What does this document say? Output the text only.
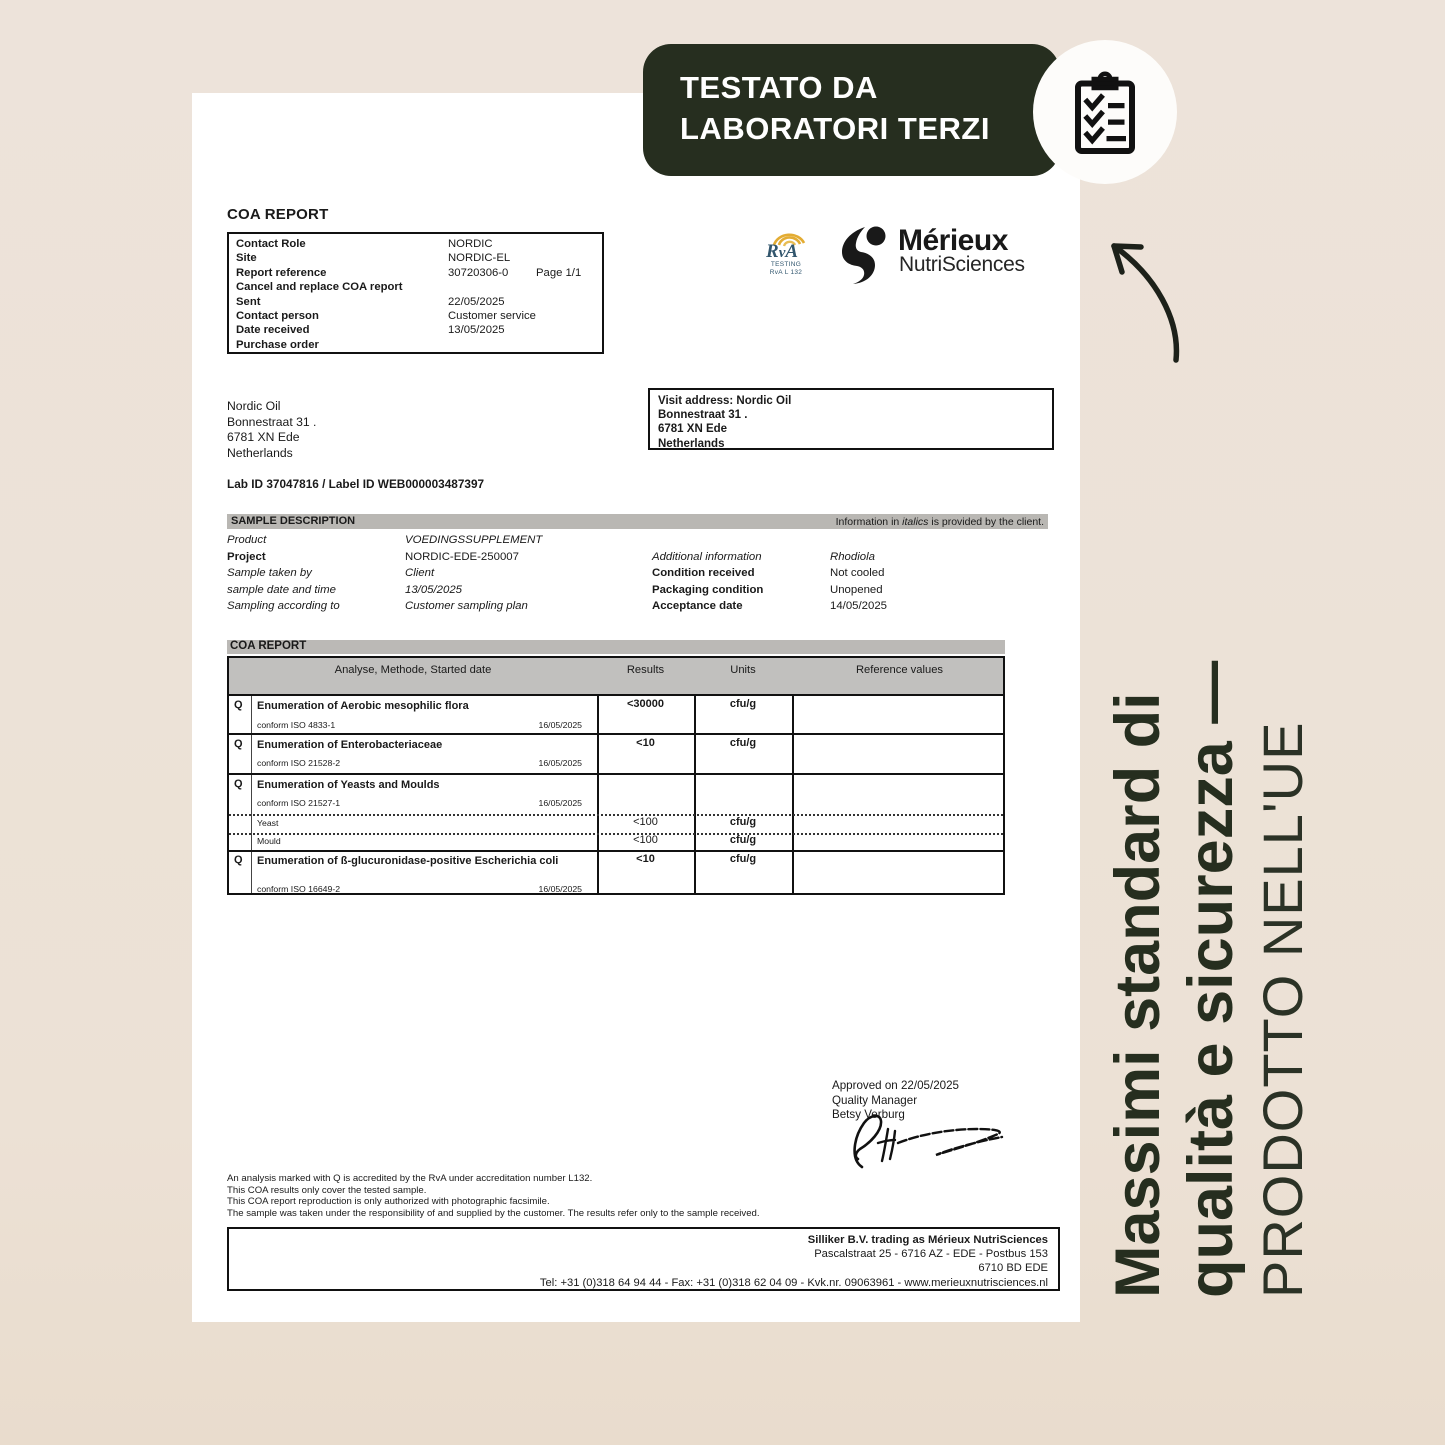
COA REPORT
Contact Role	NORDIC
Site	NORDIC-EL
Report reference	30720306-0 Page 1/1
Cancel and replace COA report
Sent	22/05/2025
Contact person	Customer service
Date received	13/05/2025
Purchase order
RvA
TESTING
RvA L 132
Mérieux
NutriSciences
Nordic Oil
Bonnestraat 31 .
6781 XN Ede
Netherlands
Visit address: Nordic Oil
Bonnestraat 31 .
6781 XN Ede
Netherlands
Lab ID 37047816 / Label ID WEB000003487397
SAMPLE DESCRIPTION	Information in italics is provided by the client.
Product	VOEDINGSSUPPLEMENT
Project	NORDIC-EDE-250007
Sample taken by	Client
sample date and time	13/05/2025
Sampling according to	Customer sampling plan
Additional information	Rhodiola
Condition received	Not cooled
Packaging condition	Unopened
Acceptance date	14/05/2025
COA REPORT
Analyse, Methode, Started date	Results	Units	Reference values
Q Enumeration of Aerobic mesophilic flora
conform ISO 4833-1	16/05/2025
<30000	cfu/g
Q Enumeration of Enterobacteriaceae
conform ISO 21528-2	16/05/2025
<10	cfu/g
Q Enumeration of Yeasts and Moulds
conform ISO 21527-1	16/05/2025
Yeast	<100	cfu/g
Mould	<100	cfu/g
Q Enumeration of ß-glucuronidase-positive Escherichia coli
conform ISO 16649-2	16/05/2025
<10	cfu/g
Approved on 22/05/2025
Quality Manager
Betsy Verburg
An analysis marked with Q is accredited by the RvA under accreditation number L132.
This COA results only cover the tested sample.
This COA report reproduction is only authorized with photographic facsimile.
The sample was taken under the responsibility of and supplied by the customer. The results refer only to the sample received.
Silliker B.V. trading as Mérieux NutriSciences
Pascalstraat 25 - 6716 AZ - EDE - Postbus 153
6710 BD EDE
Tel: +31 (0)318 64 94 44 - Fax: +31 (0)318 62 04 09 - Kvk.nr. 09063961 - www.merieuxnutrisciences.nl
TESTATO DA
LABORATORI TERZI
Massimi standard di qualità e sicurezza — PRODOTTO NELL'UE
